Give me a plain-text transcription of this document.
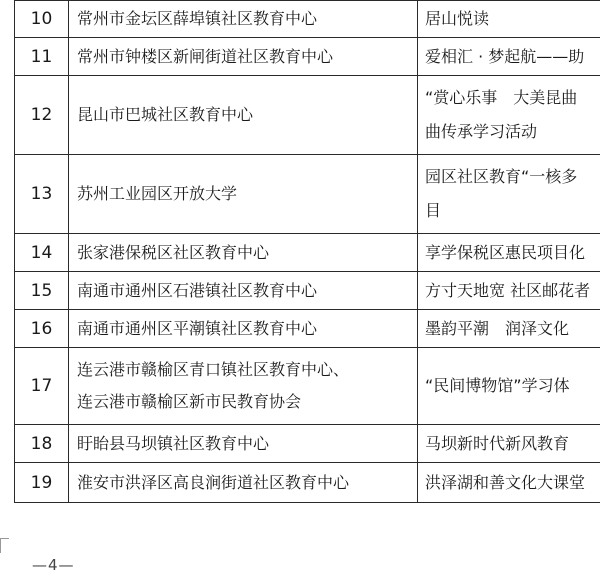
10	常州市金坛区薛埠镇社区教育中心	居山悦读
11	常州市钟楼区新闸街道社区教育中心	爱相汇 · 梦起航——助
12	昆山市巴城社区教育中心	“赏心乐事　大美昆曲
曲传承学习活动

13	苏州工业园区开放大学	园区社区教育“一核多
目

14	张家港保税区社区教育中心	享学保税区惠民项目化
15	南通市通州区石港镇社区教育中心	方寸天地宽 社区邮花者
16	南通市通州区平潮镇社区教育中心	墨韵平潮　润泽文化
17	连云港市赣榆区青口镇社区教育中心、
连云港市赣榆区新市民教育协会	“民间博物馆”学习体
18	盱眙县马坝镇社区教育中心	马坝新时代新风教育
19	淮安市洪泽区高良涧街道社区教育中心	洪泽湖和善文化大课堂
—4—
